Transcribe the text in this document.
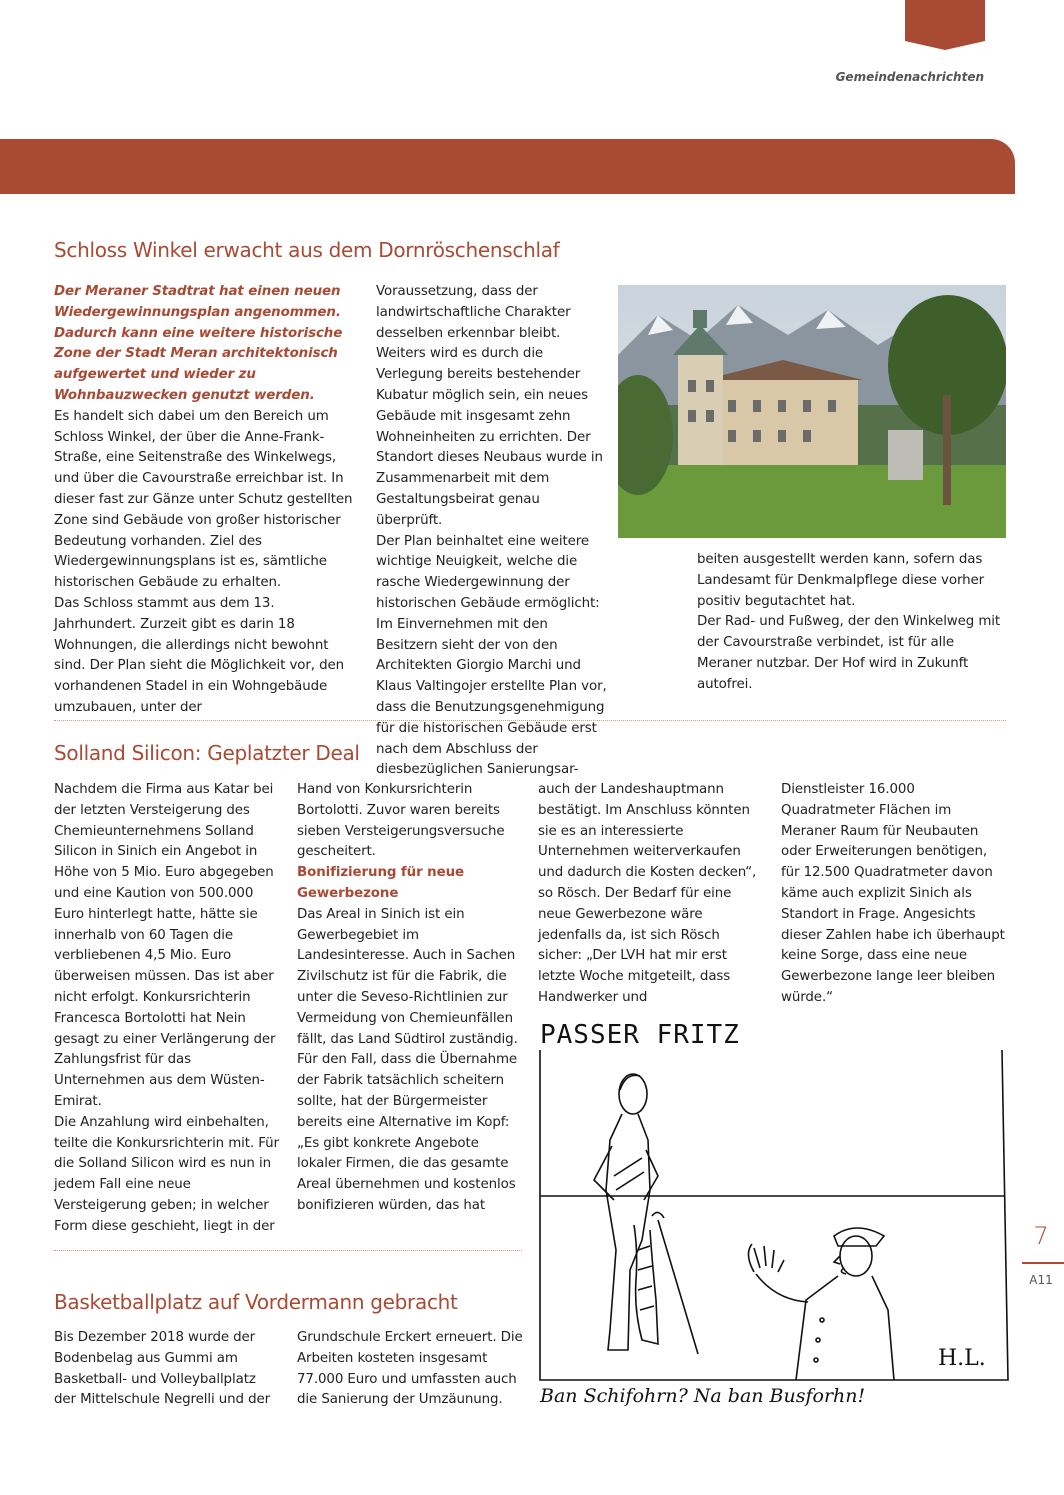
Gemeindenachrichten
Schloss Winkel erwacht aus dem Dornröschenschlaf

Der Meraner Stadtrat hat einen neuen Wiedergewinnungsplan angenommen. Dadurch kann eine weitere historische Zone der Stadt Meran architektonisch aufgewertet und wieder zu Wohnbauzwecken genutzt werden.

Es handelt sich dabei um den Bereich um Schloss Winkel, der über die Anne-Frank-Straße, eine Seitenstraße des Winkelwegs, und über die Cavourstraße erreichbar ist. In dieser fast zur Gänze unter Schutz gestellten Zone sind Gebäude von großer historischer Bedeutung vorhanden. Ziel des Wiedergewinnungsplans ist es, sämtliche historischen Gebäude zu erhalten.

Das Schloss stammt aus dem 13. Jahrhundert. Zurzeit gibt es darin 18 Wohnungen, die allerdings nicht bewohnt sind. Der Plan sieht die Möglichkeit vor, den vorhandenen Stadel in ein Wohngebäude umzubauen, unter der

Voraussetzung, dass der landwirtschaftliche Charakter desselben erkennbar bleibt. Weiters wird es durch die Verlegung bereits bestehender Kubatur möglich sein, ein neues Gebäude mit insgesamt zehn Wohneinheiten zu errichten. Der Standort dieses Neubaus wurde in Zusammenarbeit mit dem Gestaltungsbeirat genau überprüft.

Der Plan beinhaltet eine weitere wichtige Neuigkeit, welche die rasche Wiedergewinnung der historischen Gebäude ermöglicht: Im Einvernehmen mit den Besitzern sieht der von den Architekten Giorgio Marchi und Klaus Valtingojer erstellte Plan vor, dass die Benutzungsgenehmigung für die historischen Gebäude erst nach dem Abschluss der diesbezüglichen Sanierungsar-

beiten ausgestellt werden kann, sofern das Landesamt für Denkmalpflege diese vorher positiv begutachtet hat.

Der Rad- und Fußweg, der den Winkelweg mit der Cavourstraße verbindet, ist für alle Meraner nutzbar. Der Hof wird in Zukunft autofrei.

Solland Silicon: Geplatzter Deal

Nachdem die Firma aus Katar bei der letzten Versteigerung des Chemieunternehmens Solland Silicon in Sinich ein Angebot in Höhe von 5 Mio. Euro abgegeben und eine Kaution von 500.000 Euro hinterlegt hatte, hätte sie innerhalb von 60 Tagen die verbliebenen 4,5 Mio. Euro überweisen müssen. Das ist aber nicht erfolgt. Konkursrichterin Francesca Bortolotti hat Nein gesagt zu einer Verlängerung der Zahlungsfrist für das Unternehmen aus dem Wüsten-Emirat.

Die Anzahlung wird einbehalten, teilte die Konkursrichterin mit. Für die Solland Silicon wird es nun in jedem Fall eine neue Versteigerung geben; in welcher Form diese geschieht, liegt in der

Hand von Konkursrichterin Bortolotti. Zuvor waren bereits sieben Versteigerungsversuche gescheitert.

Bonifizierung für neue Gewerbezone

Das Areal in Sinich ist ein Gewerbegebiet im Landesinteresse. Auch in Sachen Zivilschutz ist für die Fabrik, die unter die Seveso-Richtlinien zur Vermeidung von Chemieunfällen fällt, das Land Südtirol zuständig. Für den Fall, dass die Übernahme der Fabrik tatsächlich scheitern sollte, hat der Bürgermeister bereits eine Alternative im Kopf: „Es gibt konkrete Angebote lokaler Firmen, die das gesamte Areal übernehmen und kostenlos bonifizieren würden, das hat

auch der Landeshauptmann bestätigt. Im Anschluss könnten sie es an interessierte Unternehmen weiterverkaufen und dadurch die Kosten decken“, so Rösch. Der Bedarf für eine neue Gewerbezone wäre jedenfalls da, ist sich Rösch sicher: „Der LVH hat mir erst letzte Woche mitgeteilt, dass Handwerker und

Dienstleister 16.000 Quadratmeter Flächen im Meraner Raum für Neubauten oder Erweiterungen benötigen, für 12.500 Quadratmeter davon käme auch explizit Sinich als Standort in Frage. Angesichts dieser Zahlen habe ich überhaupt keine Sorge, dass eine neue Gewerbezone lange leer bleiben würde.“

Basketballplatz auf Vordermann gebracht

Bis Dezember 2018 wurde der Bodenbelag aus Gummi am Basketball- und Volleyballplatz der Mittelschule Negrelli und der

Grundschule Erckert erneuert. Die Arbeiten kosteten insgesamt 77.000 Euro und umfassten auch die Sanierung der Umzäunung.

PASSER FRITZ
H.L.
Ban Schifohrn? Na ban Busforhn!
7
A11
